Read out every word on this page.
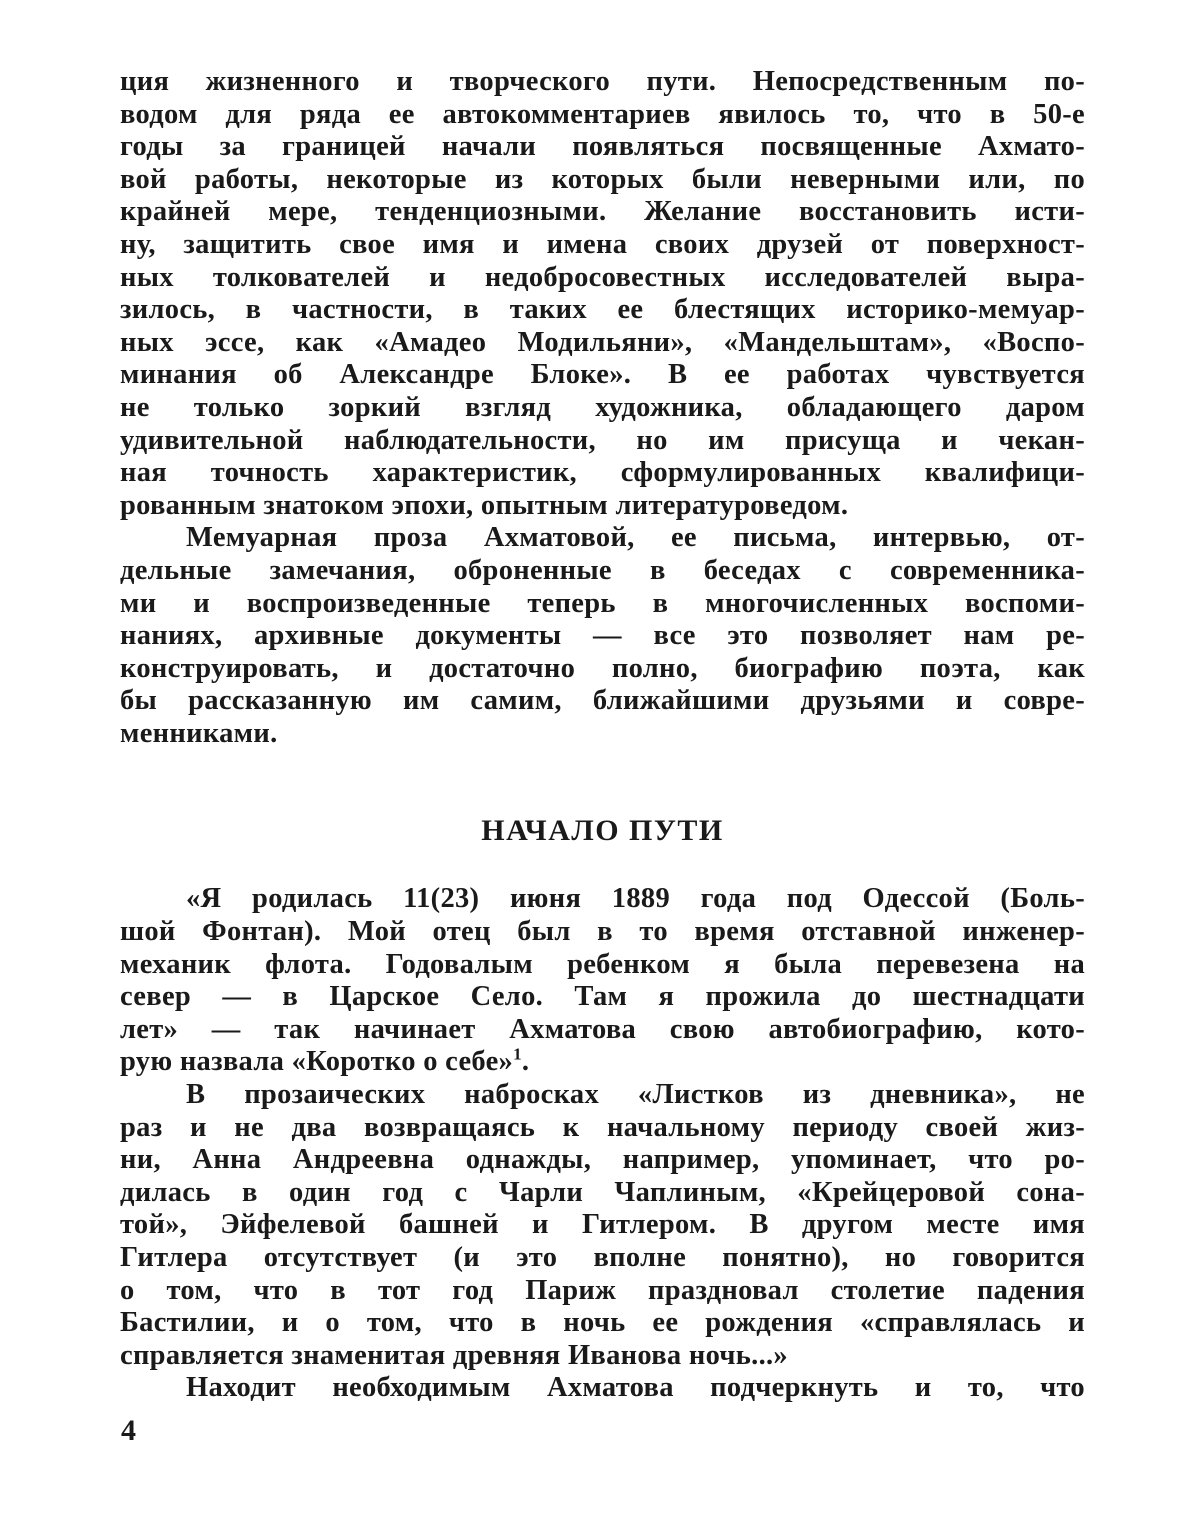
ция жизненного и творческого пути. Непосредственным по-
водом для ряда ее автокомментариев явилось то, что в 50-е
годы за границей начали появляться посвященные Ахмато-
вой работы, некоторые из которых были неверными или, по
крайней мере, тенденциозными. Желание восстановить исти-
ну, защитить свое имя и имена своих друзей от поверхност-
ных толкователей и недобросовестных исследователей выра-
зилось, в частности, в таких ее блестящих историко-мемуар-
ных эссе, как «Амадео Модильяни», «Мандельштам», «Воспо-
минания об Александре Блоке». В ее работах чувствуется
не только зоркий взгляд художника, обладающего даром
удивительной наблюдательности, но им присуща и чекан-
ная точность характеристик, сформулированных квалифици-
рованным знатоком эпохи, опытным литературоведом.
Мемуарная проза Ахматовой, ее письма, интервью, от-
дельные замечания, оброненные в беседах с современника-
ми и воспроизведенные теперь в многочисленных воспоми-
наниях, архивные документы — все это позволяет нам ре-
конструировать, и достаточно полно, биографию поэта, как
бы рассказанную им самим, ближайшими друзьями и совре-
менниками.
НАЧАЛО ПУТИ
«Я родилась 11(23) июня 1889 года под Одессой (Боль-
шой Фонтан). Мой отец был в то время отставной инженер-
механик флота. Годовалым ребенком я была перевезена на
север — в Царское Село. Там я прожила до шестнадцати
лет» — так начинает Ахматова свою автобиографию, кото-
рую назвала «Коротко о себе»$^1$.
В прозаических набросках «Листков из дневника», не
раз и не два возвращаясь к начальному периоду своей жиз-
ни, Анна Андреевна однажды, например, упоминает, что ро-
дилась в один год с Чарли Чаплиным, «Крейцеровой сона-
той», Эйфелевой башней и Гитлером. В другом месте имя
Гитлера отсутствует (и это вполне понятно), но говорится
о том, что в тот год Париж праздновал столетие падения
Бастилии, и о том, что в ночь ее рождения «справлялась и
справляется знаменитая древняя Иванова ночь...»
Находит необходимым Ахматова подчеркнуть и то, что
4
